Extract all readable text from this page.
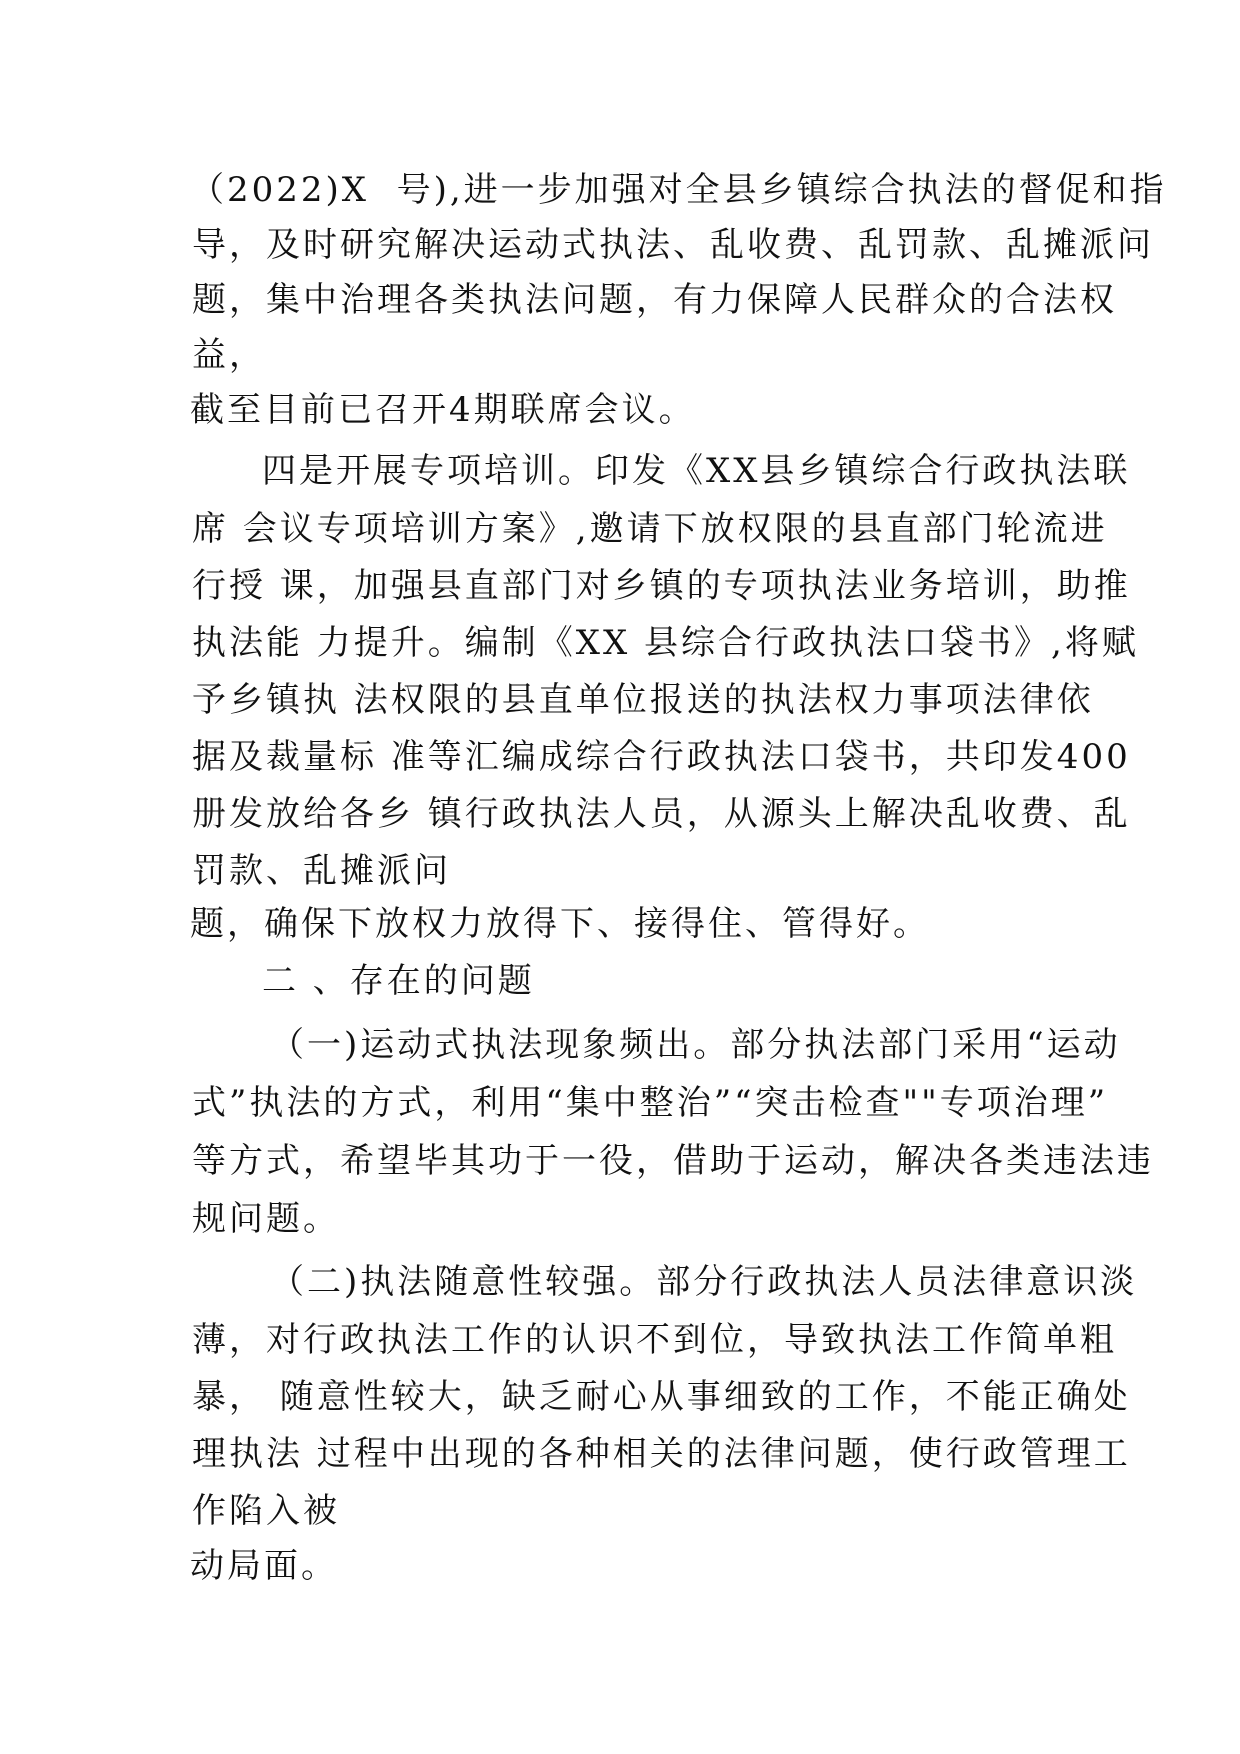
（2022)X  号),进一步加强对全县乡镇综合执法的督促和指
导，及时研究解决运动式执法、乱收费、乱罚款、乱摊派问
题，集中治理各类执法问题，有力保障人民群众的合法权
益，
截至目前已召开4期联席会议。
四是开展专项培训。印发《XX县乡镇综合行政执法联
席 会议专项培训方案》,邀请下放权限的县直部门轮流进
行授 课，加强县直部门对乡镇的专项执法业务培训，助推
执法能 力提升。编制《XX 县综合行政执法口袋书》,将赋
予乡镇执 法权限的县直单位报送的执法权力事项法律依
据及裁量标 准等汇编成综合行政执法口袋书，共印发400
册发放给各乡 镇行政执法人员，从源头上解决乱收费、乱
罚款、乱摊派问
题，确保下放权力放得下、接得住、管得好。
二 、存在的问题
（一)运动式执法现象频出。部分执法部门采用“运动
式”执法的方式，利用“集中整治”“突击检查""专项治理”
等方式，希望毕其功于一役，借助于运动，解决各类违法违
规问题。
（二)执法随意性较强。部分行政执法人员法律意识淡
薄，对行政执法工作的认识不到位，导致执法工作简单粗
暴， 随意性较大，缺乏耐心从事细致的工作，不能正确处
理执法 过程中出现的各种相关的法律问题，使行政管理工
作陷入被
动局面。
